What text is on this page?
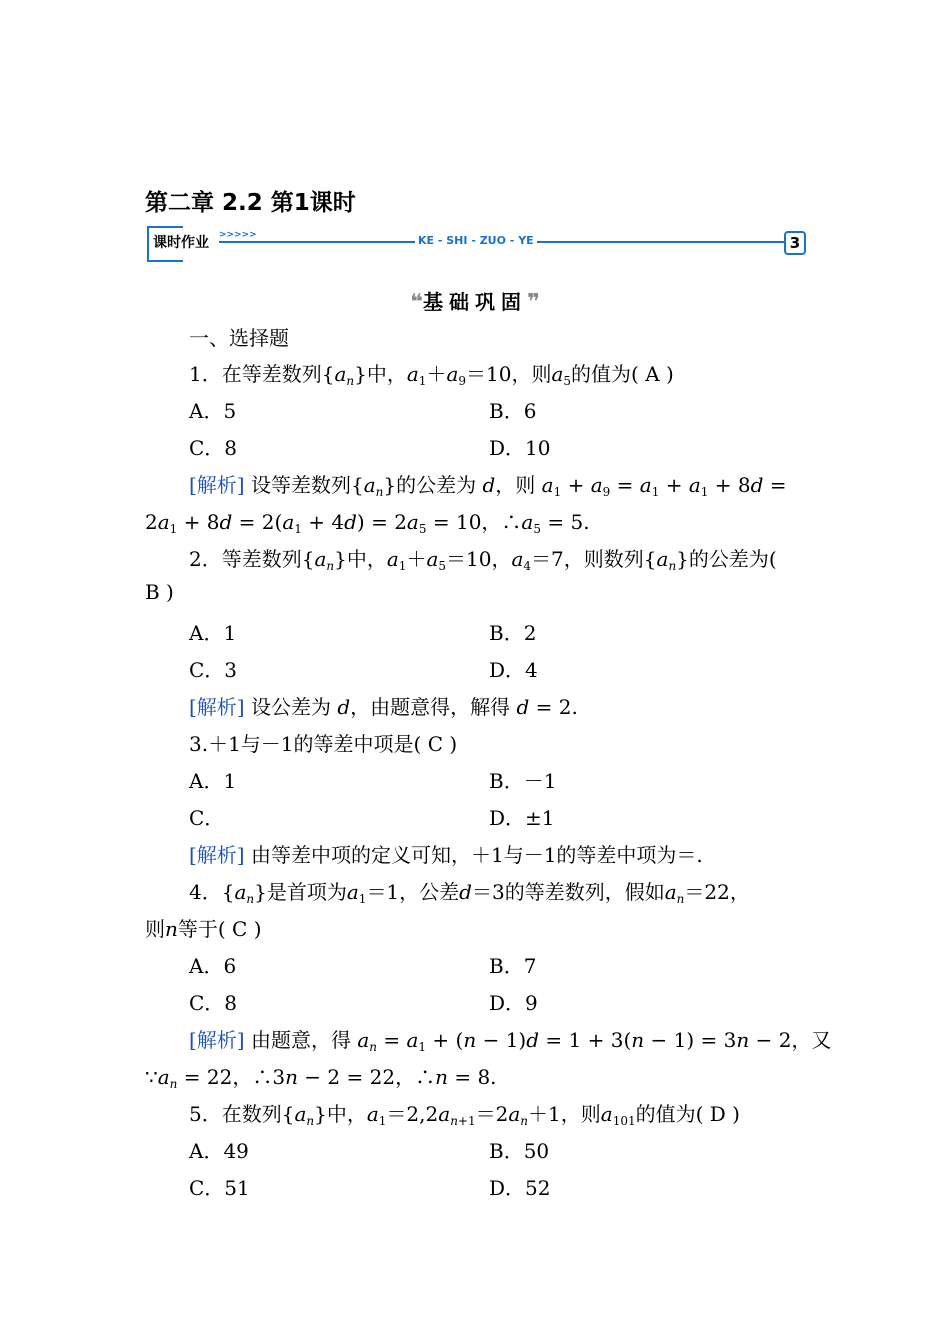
第二章 2.2 第1课时
课时作业 >>>>>	KE - SHI - ZUO - YE	3
❝基础巩固❞
一、选择题
1．在等差数列$\{a_n\}$中，$a_1+a_9=10$，则$a_5$的值为( A )
A．5	B．6
C．8	D．10
[解析] 设等差数列$\{a_n\}$的公差为 d，则 $a_1 + a_9 = a_1 + a_1 + 8d$ =
$2a_1 + 8d = 2(a_1 + 4d) = 2a_5 = 10$，$\therefore a_5 = 5$.
2．等差数列$\{a_n\}$中，$a_1+a_5=10$，$a_4=7$，则数列$\{a_n\}$的公差为(
B )
A．1	B．2
C．3	D．4
[解析] 设公差为 d，由题意得，解得 d = 2.
3.＋1与－1的等差中项是( C )
A．1	B．－1
C．	D．±1
[解析] 由等差中项的定义可知，＋1与－1的等差中项为＝.
4．$\{a_n\}$是首项为$a_1=1$，公差d＝3的等差数列，假如$a_n=22$，
则n等于( C )
A．6	B．7
C．8	D．9
[解析] 由题意，得 $a_n = a_1 + (n - 1)d = 1 + 3(n - 1) = 3n - 2$，又
$\because a_n = 22$，∴3n − 2 = 22，∴n = 8.
5．在数列$\{a_n\}$中，$a_1=2,2a_{n+1}=2a_n+1$，则$a_{101}$的值为( D )
A．49	B．50
C．51	D．52
